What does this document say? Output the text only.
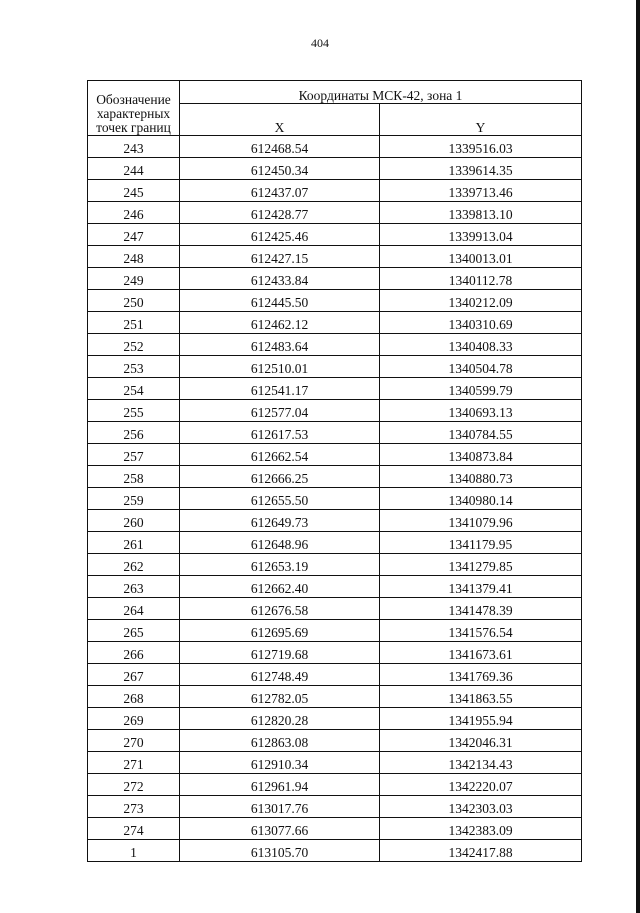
404
Обозначение характерных точек границ	Координаты МСК-42, зона 1	
	X	Y
243	612468.54	1339516.03
244	612450.34	1339614.35
245	612437.07	1339713.46
246	612428.77	1339813.10
247	612425.46	1339913.04
248	612427.15	1340013.01
249	612433.84	1340112.78
250	612445.50	1340212.09
251	612462.12	1340310.69
252	612483.64	1340408.33
253	612510.01	1340504.78
254	612541.17	1340599.79
255	612577.04	1340693.13
256	612617.53	1340784.55
257	612662.54	1340873.84
258	612666.25	1340880.73
259	612655.50	1340980.14
260	612649.73	1341079.96
261	612648.96	1341179.95
262	612653.19	1341279.85
263	612662.40	1341379.41
264	612676.58	1341478.39
265	612695.69	1341576.54
266	612719.68	1341673.61
267	612748.49	1341769.36
268	612782.05	1341863.55
269	612820.28	1341955.94
270	612863.08	1342046.31
271	612910.34	1342134.43
272	612961.94	1342220.07
273	613017.76	1342303.03
274	613077.66	1342383.09
1	613105.70	1342417.88
